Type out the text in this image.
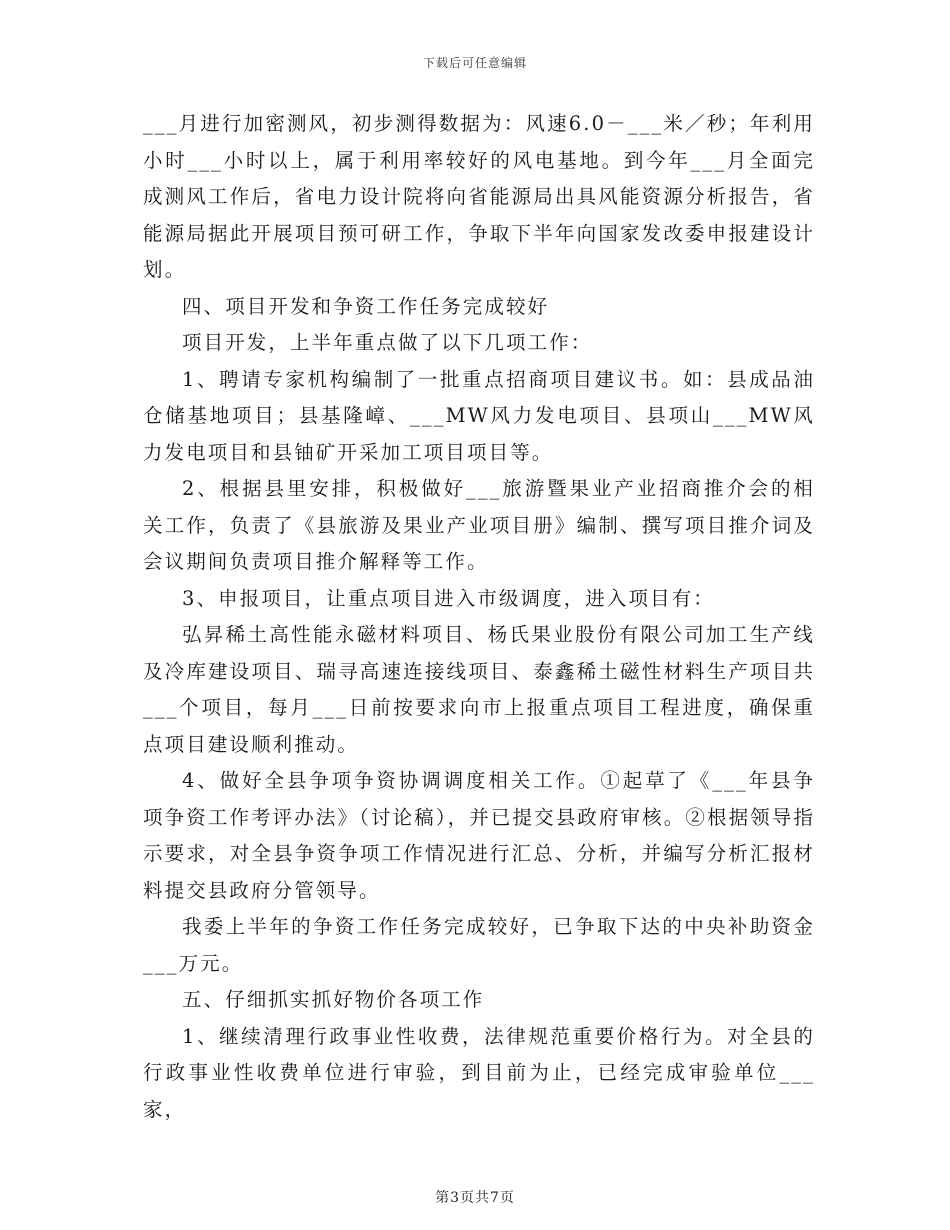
下载后可任意编辑

___月进行加密测风，初步测得数据为：风速6.0－___米／秒；年利用小时___小时以上，属于利用率较好的风电基地。到今年___月全面完成测风工作后，省电力设计院将向省能源局出具风能资源分析报告，省能源局据此开展项目预可研工作，争取下半年向国家发改委申报建设计划。

四、项目开发和争资工作任务完成较好

项目开发，上半年重点做了以下几项工作：

1、聘请专家机构编制了一批重点招商项目建议书。如：县成品油仓储基地项目；县基隆嶂、___MW风力发电项目、县项山___MW风力发电项目和县铀矿开采加工项目项目等。

2、根据县里安排，积极做好___旅游暨果业产业招商推介会的相关工作，负责了《县旅游及果业产业项目册》编制、撰写项目推介词及会议期间负责项目推介解释等工作。

3、申报项目，让重点项目进入市级调度，进入项目有：

弘昇稀土高性能永磁材料项目、杨氏果业股份有限公司加工生产线及冷库建设项目、瑞寻高速连接线项目、泰鑫稀土磁性材料生产项目共___个项目，每月___日前按要求向市上报重点项目工程进度，确保重点项目建设顺利推动。

4、做好全县争项争资协调调度相关工作。①起草了《___年县争项争资工作考评办法》（讨论稿），并已提交县政府审核。②根据领导指示要求，对全县争资争项工作情况进行汇总、分析，并编写分析汇报材料提交县政府分管领导。

我委上半年的争资工作任务完成较好，已争取下达的中央补助资金___万元。

五、仔细抓实抓好物价各项工作

1、继续清理行政事业性收费，法律规范重要价格行为。对全县的行政事业性收费单位进行审验，到目前为止，已经完成审验单位___家，

第3页共7页
